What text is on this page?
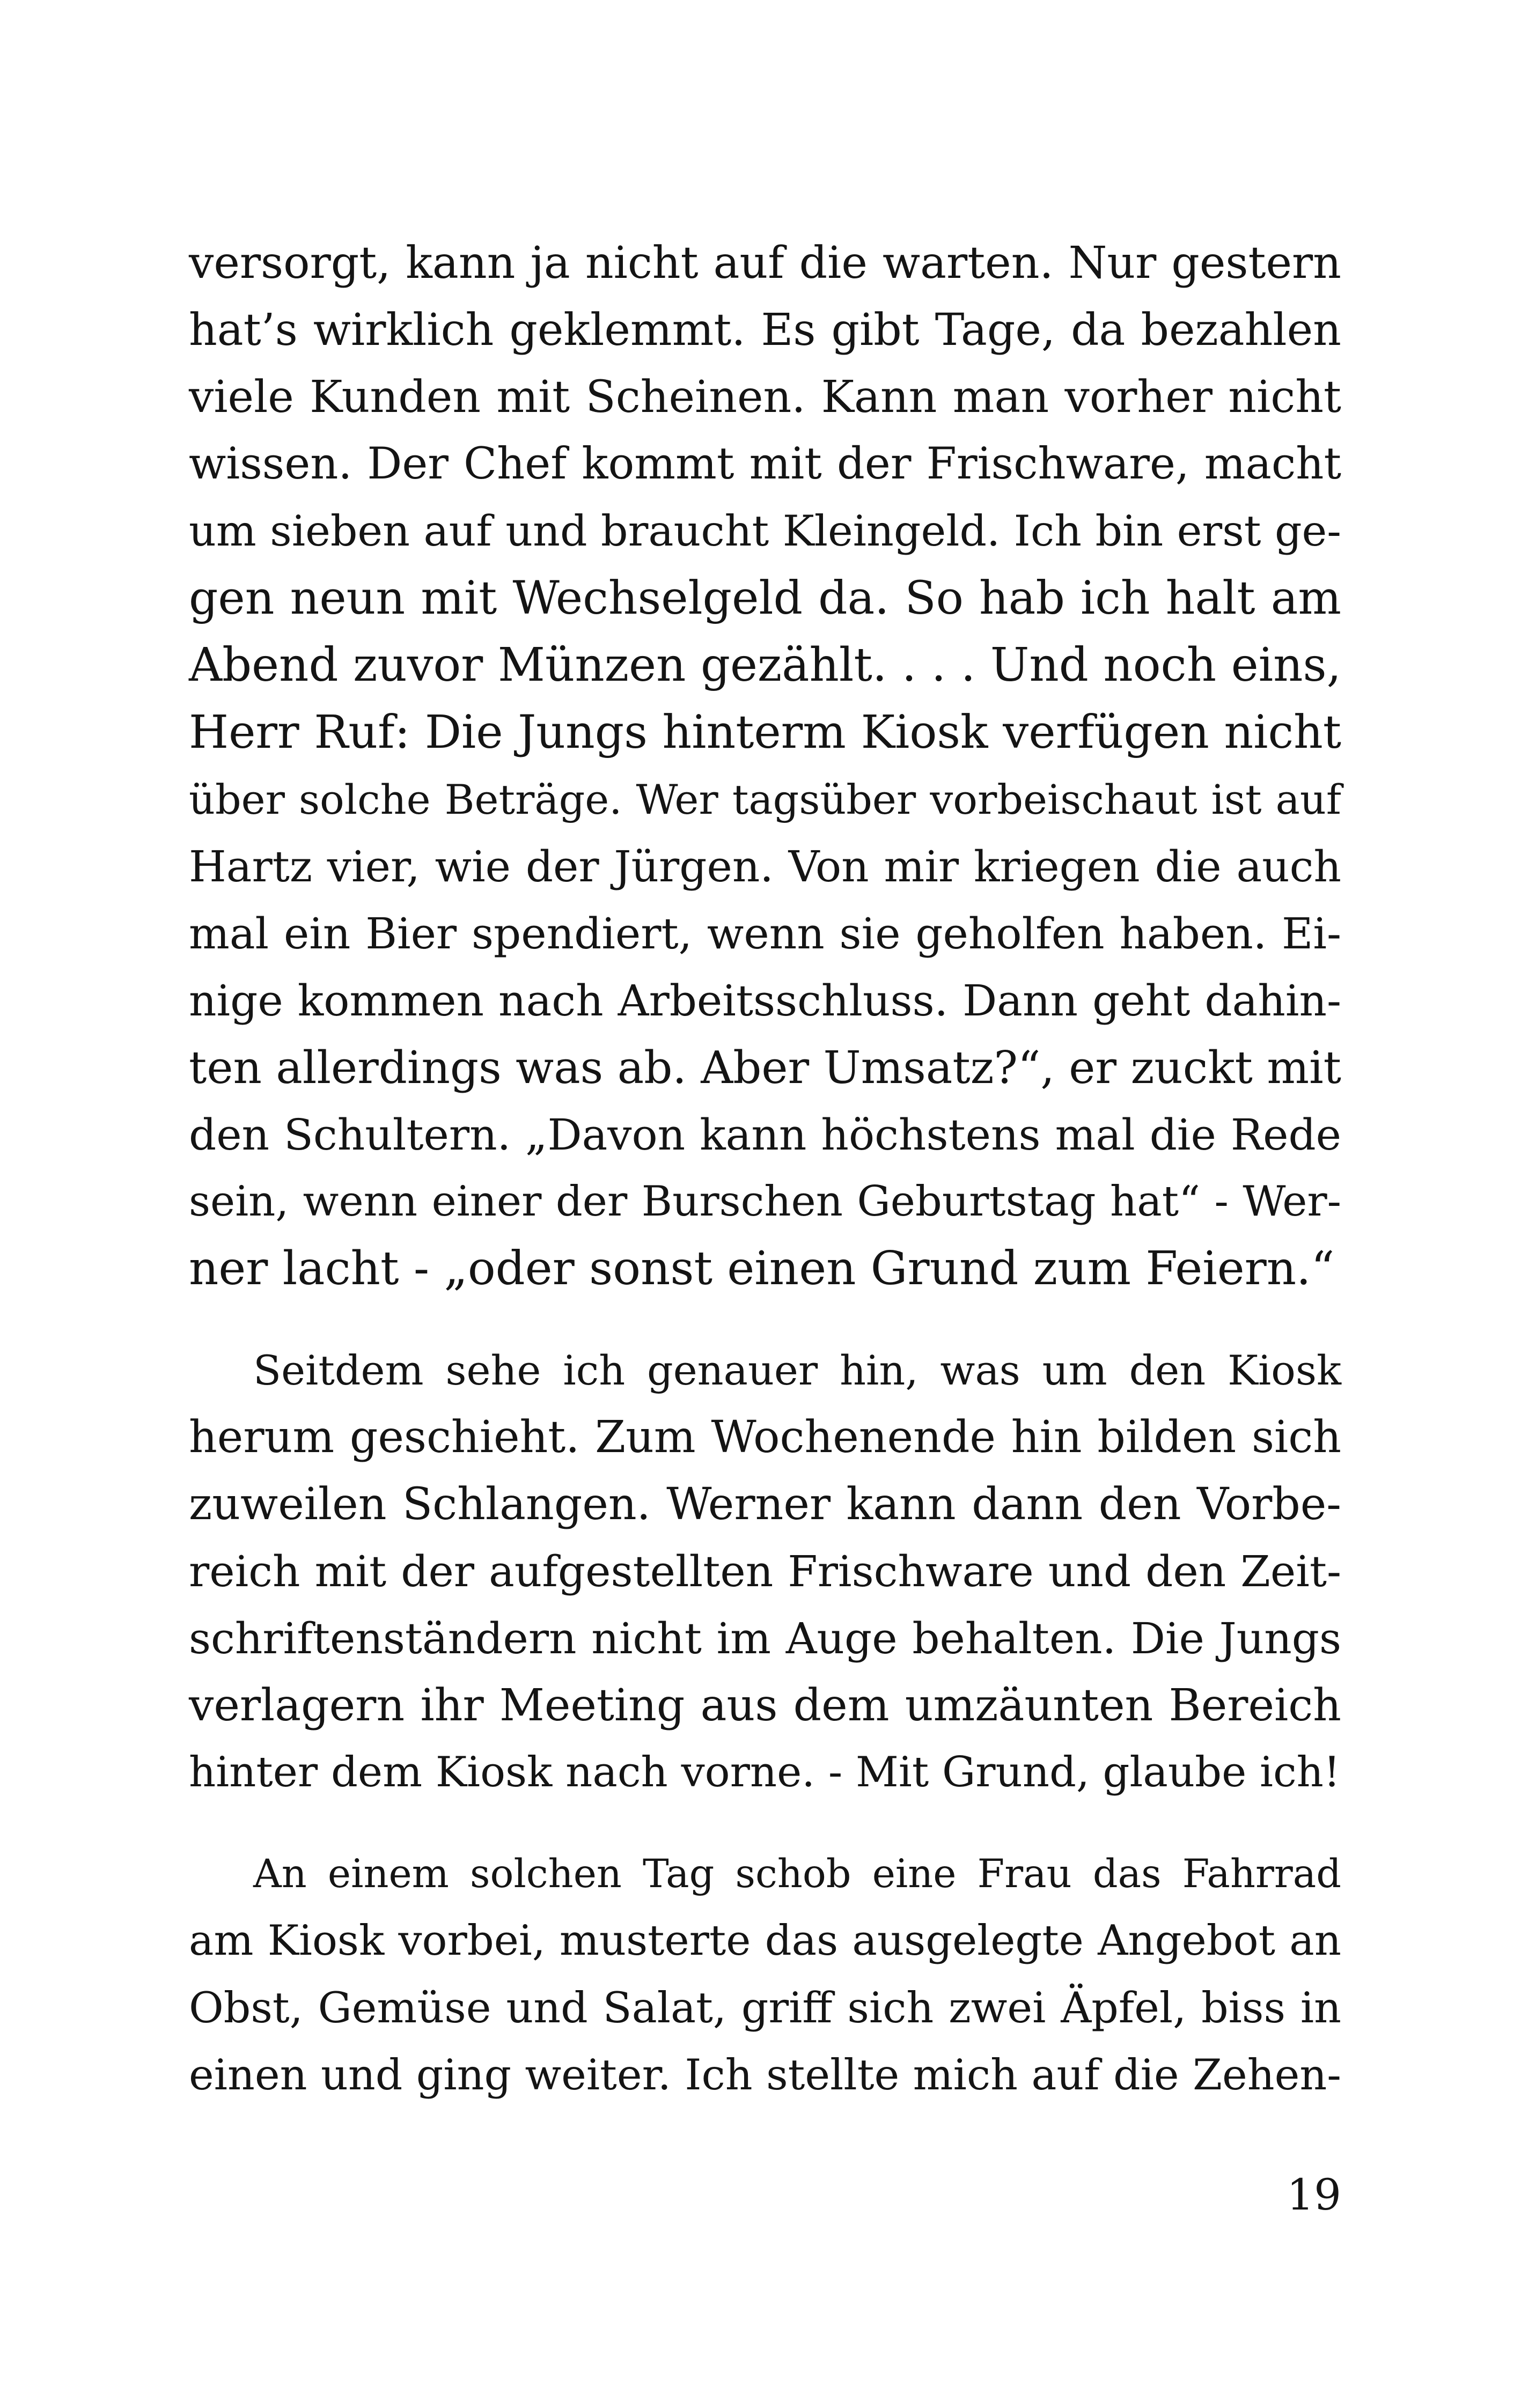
versorgt, kann ja nicht auf die warten. Nur gestern
hat’s wirklich geklemmt. Es gibt Tage, da bezahlen
viele Kunden mit Scheinen. Kann man vorher nicht
wissen. Der Chef kommt mit der Frischware, macht
um sieben auf und braucht Kleingeld. Ich bin erst ge-
gen neun mit Wechselgeld da. So hab ich halt am
Abend zuvor Münzen gezählt. . . . Und noch eins,
Herr Ruf: Die Jungs hinterm Kiosk verfügen nicht
über solche Beträge. Wer tagsüber vorbeischaut ist auf
Hartz vier, wie der Jürgen. Von mir kriegen die auch
mal ein Bier spendiert, wenn sie geholfen haben. Ei-
nige kommen nach Arbeitsschluss. Dann geht dahin-
ten allerdings was ab. Aber Umsatz?“, er zuckt mit
den Schultern. „Davon kann höchstens mal die Rede
sein, wenn einer der Burschen Geburtstag hat“ - Wer-
ner lacht - „oder sonst einen Grund zum Feiern.“

Seitdem sehe ich genauer hin, was um den Kiosk
herum geschieht. Zum Wochenende hin bilden sich
zuweilen Schlangen. Werner kann dann den Vorbe-
reich mit der aufgestellten Frischware und den Zeit-
schriftenständern nicht im Auge behalten. Die Jungs
verlagern ihr Meeting aus dem umzäunten Bereich
hinter dem Kiosk nach vorne. - Mit Grund, glaube ich!

An einem solchen Tag schob eine Frau das Fahrrad
am Kiosk vorbei, musterte das ausgelegte Angebot an
Obst, Gemüse und Salat, griff sich zwei Äpfel, biss in
einen und ging weiter. Ich stellte mich auf die Zehen-

19
